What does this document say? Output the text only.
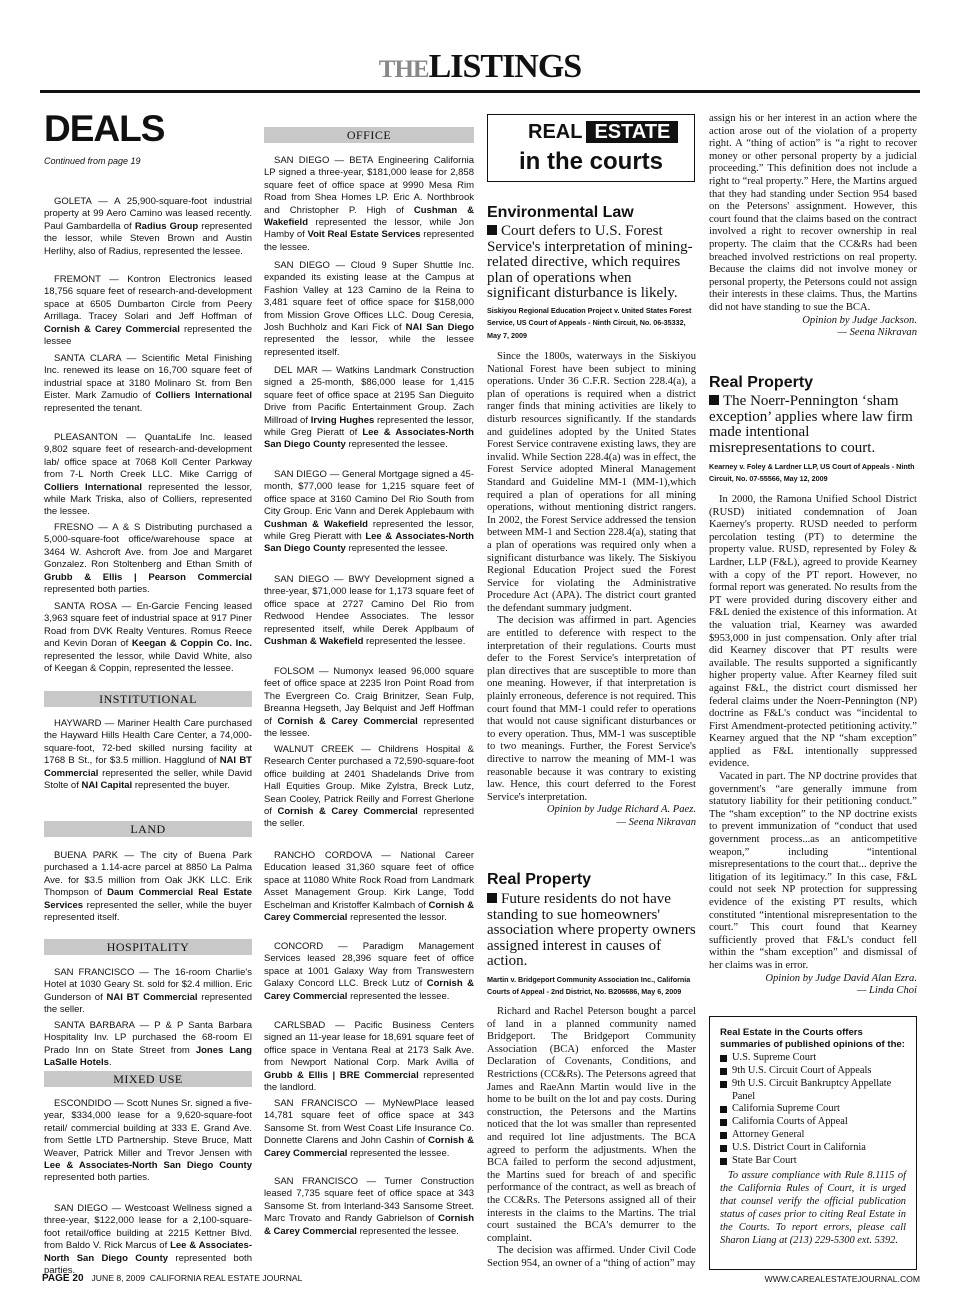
THELISTINGS
DEALS
Continued from page 19

GOLETA — A 25,900-square-foot industrial property at 99 Aero Camino was leased recently. Paul Gambardella of Radius Group represented the lessor, while Steven Brown and Austin Herlihy, also of Radius, represented the lessee.

FREMONT — Kontron Electronics leased 18,756 square feet of research-and-development space at 6505 Dumbarton Circle from Peery Arrillaga. Tracey Solari and Jeff Hoffman of Cornish & Carey Commercial represented the lessee

SANTA CLARA — Scientific Metal Finishing Inc. renewed its lease on 16,700 square feet of industrial space at 3180 Molinaro St. from Ben Eister. Mark Zamudio of Colliers International represented the tenant.

PLEASANTON — QuantaLife Inc. leased 9,802 square feet of research-and-development lab/ office space at 7068 Koll Center Parkway from 7-L North Creek LLC. Mike Carrigg of Colliers International represented the lessor, while Mark Triska, also of Colliers, represented the lessee.

FRESNO — A & S Distributing purchased a 5,000-square-foot office/warehouse space at 3464 W. Ashcroft Ave. from Joe and Margaret Gonzalez. Ron Stoltenberg and Ethan Smith of Grubb & Ellis | Pearson Commercial represented both parties.

SANTA ROSA — En-Garcie Fencing leased 3,963 square feet of industrial space at 917 Piner Road from DVK Realty Ventures. Romus Reece and Kevin Doran of Keegan & Coppin Co. Inc. represented the lessor, while David White, also of Keegan & Coppin, represented the lessee.

INSTITUTIONAL

HAYWARD — Mariner Health Care purchased the Hayward Hills Health Care Center, a 74,000-square-foot, 72-bed skilled nursing facility at 1768 B St., for $3.5 million. Hagglund of NAI BT Commercial represented the seller, while David Stolte of NAI Capital represented the buyer.

LAND

BUENA PARK — The city of Buena Park purchased a 1.14-acre parcel at 8850 La Palma Ave. for $3.5 million from Oak JKK LLC. Erik Thompson of Daum Commercial Real Estate Services represented the seller, while the buyer represented itself.

HOSPITALITY

SAN FRANCISCO — The 16-room Charlie's Hotel at 1030 Geary St. sold for $2.4 million. Eric Gunderson of NAI BT Commercial represented the seller.

SANTA BARBARA — P & P Santa Barbara Hospitality Inv. LP purchased the 68-room El Prado Inn on State Street from Jones Lang LaSalle Hotels.

MIXED USE

ESCONDIDO — Scott Nunes Sr. signed a five-year, $334,000 lease for a 9,620-square-foot retail/ commercial building at 333 E. Grand Ave. from Settle LTD Partnership. Steve Bruce, Matt Weaver, Patrick Miller and Trevor Jensen with Lee & Associates-North San Diego County represented both parties.

SAN DIEGO — Westcoast Wellness signed a three-year, $122,000 lease for a 2,100-square-foot retail/office building at 2215 Kettner Blvd. from Baldo V. Rick Marcus of Lee & Associates-North San Diego County represented both parties.

OFFICE

SAN DIEGO — BETA Engineering California LP signed a three-year, $181,000 lease for 2,858 square feet of office space at 9990 Mesa Rim Road from Shea Homes LP. Eric A. Northbrook and Christopher P. High of Cushman & Wakefield represented the lessor, while Jon Hamby of Voit Real Estate Services represented the lessee.

SAN DIEGO — Cloud 9 Super Shuttle Inc. expanded its existing lease at the Campus at Fashion Valley at 123 Camino de la Reina to 3,481 square feet of office space for $158,000 from Mission Grove Offices LLC. Doug Ceresia, Josh Buchholz and Kari Fick of NAI San Diego represented the lessor, while the lessee represented itself.

DEL MAR — Watkins Landmark Construction signed a 25-month, $86,000 lease for 1,415 square feet of office space at 2195 San Dieguito Drive from Pacific Entertainment Group. Zach Millroad of Irving Hughes represented the lessor, while Greg Pieratt of Lee & Associates-North San Diego County represented the lessee.

SAN DIEGO — General Mortgage signed a 45-month, $77,000 lease for 1,215 square feet of office space at 3160 Camino Del Rio South from City Group. Eric Vann and Derek Applebaum with Cushman & Wakefield represented the lessor, while Greg Pieratt with Lee & Associates-North San Diego County represented the lessee.

SAN DIEGO — BWY Development signed a three-year, $71,000 lease for 1,173 square feet of office space at 2727 Camino Del Rio from Redwood Hendee Associates. The lessor represented itself, while Derek Applbaum of Cushman & Wakefield represented the lessee.

FOLSOM — Numonyx leased 96,000 square feet of office space at 2235 Iron Point Road from The Evergreen Co. Craig Brinitzer, Sean Fulp, Breanna Hegseth, Jay Belquist and Jeff Hoffman of Cornish & Carey Commercial represented the lessee.

WALNUT CREEK — Childrens Hospital & Research Center purchased a 72,590-square-foot office building at 2401 Shadelands Drive from Hall Equities Group. Mike Zylstra, Breck Lutz, Sean Cooley, Patrick Reilly and Forrest Gherlone of Cornish & Carey Commercial represented the seller.

RANCHO CORDOVA — National Career Education leased 31,360 square feet of office space at 11080 White Rock Road from Landmark Asset Management Group. Kirk Lange, Todd Eschelman and Kristoffer Kalmbach of Cornish & Carey Commercial represented the lessor.

CONCORD — Paradigm Management Services leased 28,396 square feet of office space at 1001 Galaxy Way from Transwestern Galaxy Concord LLC. Breck Lutz of Cornish & Carey Commercial represented the lessee.

CARLSBAD — Pacific Business Centers signed an 11-year lease for 18,691 square feet of office space in Ventana Real at 2173 Salk Ave. from Newport National Corp. Mark Avilla of Grubb & Ellis | BRE Commercial represented the landlord.

SAN FRANCISCO — MyNewPlace leased 14,781 square feet of office space at 343 Sansome St. from West Coast Life Insurance Co. Donnette Clarens and John Cashin of Cornish & Carey Commercial represented the lessee.

SAN FRANCISCO — Turner Construction leased 7,735 square feet of office space at 343 Sansome St. from Interland-343 Sansome Street. Marc Trovato and Randy Gabrielson of Cornish & Carey Commercial represented the lessee.

REAL ESTATE
in the courts
Environmental Law

Court defers to U.S. Forest Service's interpretation of mining-related directive, which requires plan of operations when significant disturbance is likely.

Siskiyou Regional Education Project v. United States Forest Service, US Court of Appeals - Ninth Circuit, No. 06-35332, May 7, 2009

Since the 1800s, waterways in the Siskiyou National Forest have been subject to mining operations. Under 36 C.F.R. Section 228.4(a), a plan of operations is required when a district ranger finds that mining activities are likely to disturb resources significantly. If the standards and guidelines adopted by the United States Forest Service contravene existing laws, they are invalid. While Section 228.4(a) was in effect, the Forest Service adopted Mineral Management Standard and Guideline MM-1 (MM-1),which required a plan of operations for all mining operations, without mentioning district rangers. In 2002, the Forest Service addressed the tension between MM-1 and Section 228.4(a), stating that a plan of operations was required only when a significant disturbance was likely. The Siskiyou Regional Education Project sued the Forest Service for violating the Administrative Procedure Act (APA). The district court granted the defendant summary judgment.

The decision was affirmed in part. Agencies are entitled to deference with respect to the interpretation of their regulations. Courts must defer to the Forest Service's interpretation of plan directives that are susceptible to more than one meaning. However, if that interpretation is plainly erroneous, deference is not required. This court found that MM-1 could refer to operations that would not cause significant disturbances or to every operation. Thus, MM-1 was susceptible to two meanings. Further, the Forest Service's directive to narrow the meaning of MM-1 was reasonable because it was contrary to existing law. Hence, this court deferred to the Forest Service's interpretation.

Opinion by Judge Richard A. Paez.

— Seena Nikravan

Real Property

Future residents do not have standing to sue homeowners' association where property owners assigned interest in causes of action.

Martin v. Bridgeport Community Association Inc., California Courts of Appeal - 2nd District, No. B206686, May 6, 2009

Richard and Rachel Peterson bought a parcel of land in a planned community named Bridgeport. The Bridgeport Community Association (BCA) enforced the Master Declaration of Covenants, Conditions, and Restrictions (CC&Rs). The Petersons agreed that James and RaeAnn Martin would live in the home to be built on the lot and pay costs. During construction, the Petersons and the Martins noticed that the lot was smaller than represented and required lot line adjustments. The BCA agreed to perform the adjustments. When the BCA failed to perform the second adjustment, the Martins sued for breach of and specific performance of the contract, as well as breach of the CC&Rs. The Petersons assigned all of their interests in the claims to the Martins. The trial court sustained the BCA's demurrer to the complaint.

The decision was affirmed. Under Civil Code Section 954, an owner of a “thing of action” may

assign his or her interest in an action where the action arose out of the violation of a property right. A “thing of action” is “a right to recover money or other personal property by a judicial proceeding.” This definition does not include a right to “real property.” Here, the Martins argued that they had standing under Section 954 based on the Petersons' assignment. However, this court found that the claims based on the contract involved a right to recover ownership in real property. The claim that the CC&Rs had been breached involved restrictions on real property. Because the claims did not involve money or personal property, the Petersons could not assign their interests in these claims. Thus, the Martins did not have standing to sue the BCA.

Opinion by Judge Jackson.

— Seena Nikravan

Real Property

The Noerr-Pennington ‘sham exception’ applies where law firm made intentional misrepresentations to court.

Kearney v. Foley & Lardner LLP, US Court of Appeals - Ninth Circuit, No. 07-55566, May 12, 2009

In 2000, the Ramona Unified School District (RUSD) initiated condemnation of Joan Kaerney's property. RUSD needed to perform percolation testing (PT) to determine the property value. RUSD, represented by Foley & Lardner, LLP (F&L), agreed to provide Kearney with a copy of the PT report. However, no formal report was generated. No results from the PT were provided during discovery either and F&L denied the existence of this information. At the valuation trial, Kearney was awarded $953,000 in just compensation. Only after trial did Kearney discover that PT results were available. The results supported a significantly higher property value. After Kearney filed suit against F&L, the district court dismissed her federal claims under the Noerr-Pennington (NP) doctrine as F&L's conduct was “incidental to First Amendment-protected petitioning activity.” Kearney argued that the NP “sham exception” applied as F&L intentionally suppressed evidence.

Vacated in part. The NP doctrine provides that government's “are generally immune from statutory liability for their petitioning conduct.” The “sham exception” to the NP doctrine exists to prevent immunization of “conduct that used government process...as an anticompetitive weapon,” including “intentional misrepresentations to the court that... deprive the litigation of its legitimacy.” In this case, F&L could not seek NP protection for suppressing evidence of the existing PT results, which constituted “intentional misrepresentation to the court.” This court found that Kearney sufficiently proved that F&L's conduct fell within the “sham exception” and dismissal of her claims was in error.

Opinion by Judge David Alan Ezra.

— Linda Choi

Real Estate in the Courts offers summaries of published opinions of the:
U.S. Supreme Court
9th U.S. Circuit Court of Appeals
9th U.S. Circuit Bankruptcy Appellate Panel
California Supreme Court
California Courts of Appeal
Attorney General
U.S. District Court in California
State Bar Court
To assure compliance with Rule 8.1115 of the California Rules of Court, it is urged that counsel verify the official publication status of cases prior to citing Real Estate in the Courts. To report errors, please call Sharon Liang at (213) 229-5300 ext. 5392.
PAGE 20 JUNE 8, 2009 CALIFORNIA REAL ESTATE JOURNAL	WWW.CAREALESTATEJOURNAL.COM
